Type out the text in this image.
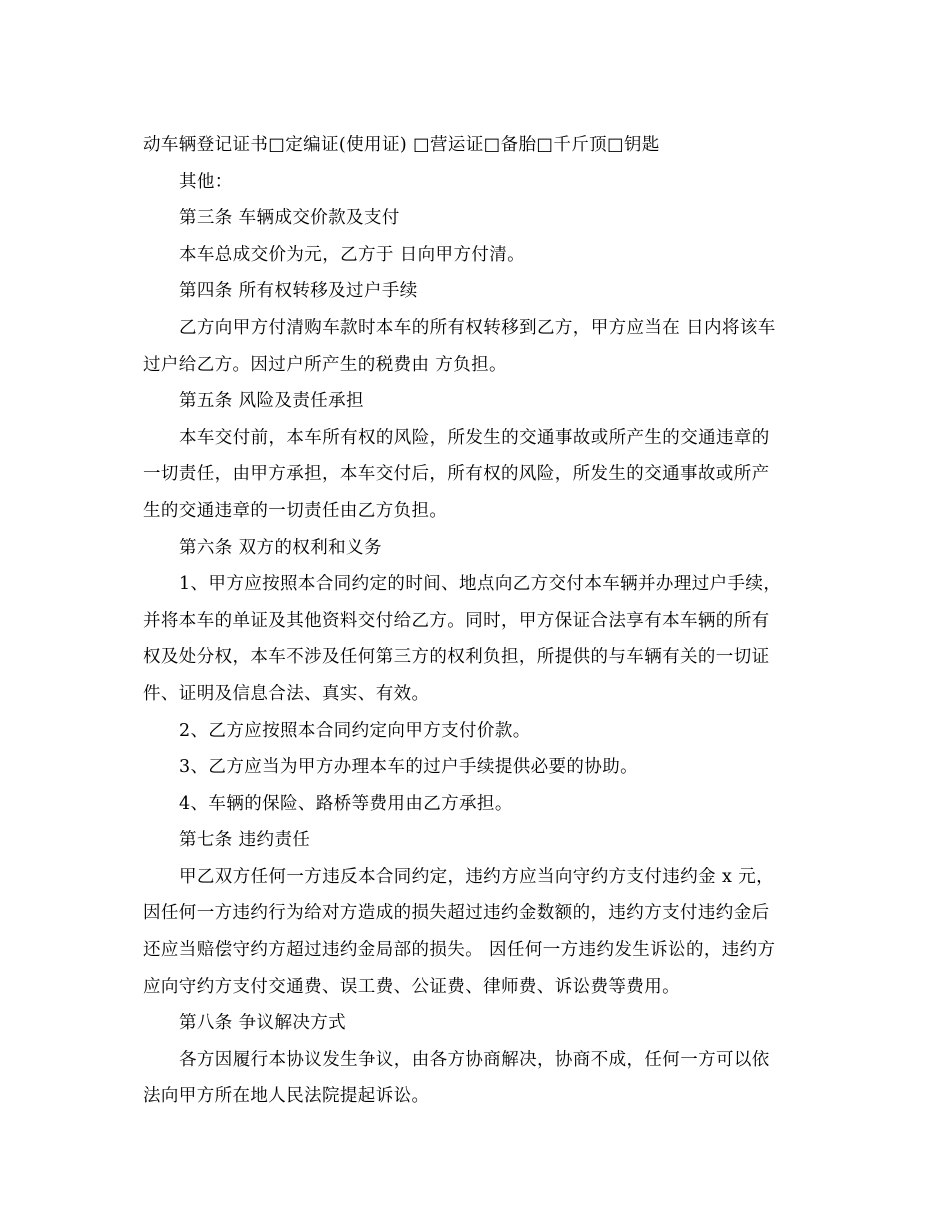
动车辆登记证书□定编证(使用证) □营运证□备胎□千斤顶□钥匙
其他：
第三条 车辆成交价款及支付
本车总成交价为元，乙方于 日向甲方付清。
第四条 所有权转移及过户手续
乙方向甲方付清购车款时本车的所有权转移到乙方，甲方应当在 日内将该车
过户给乙方。因过户所产生的税费由 方负担。
第五条 风险及责任承担
本车交付前，本车所有权的风险，所发生的交通事故或所产生的交通违章的
一切责任，由甲方承担，本车交付后，所有权的风险，所发生的交通事故或所产
生的交通违章的一切责任由乙方负担。
第六条 双方的权利和义务
1、甲方应按照本合同约定的时间、地点向乙方交付本车辆并办理过户手续，
并将本车的单证及其他资料交付给乙方。同时，甲方保证合法享有本车辆的所有
权及处分权，本车不涉及任何第三方的权利负担，所提供的与车辆有关的一切证
件、证明及信息合法、真实、有效。
2、乙方应按照本合同约定向甲方支付价款。
3、乙方应当为甲方办理本车的过户手续提供必要的协助。
4、车辆的保险、路桥等费用由乙方承担。
第七条 违约责任
甲乙双方任何一方违反本合同约定，违约方应当向守约方支付违约金 x 元，
因任何一方违约行为给对方造成的损失超过违约金数额的，违约方支付违约金后
还应当赔偿守约方超过违约金局部的损失。 因任何一方违约发生诉讼的，违约方
应向守约方支付交通费、误工费、公证费、律师费、诉讼费等费用。
第八条 争议解决方式
各方因履行本协议发生争议，由各方协商解决，协商不成，任何一方可以依
法向甲方所在地人民法院提起诉讼。
